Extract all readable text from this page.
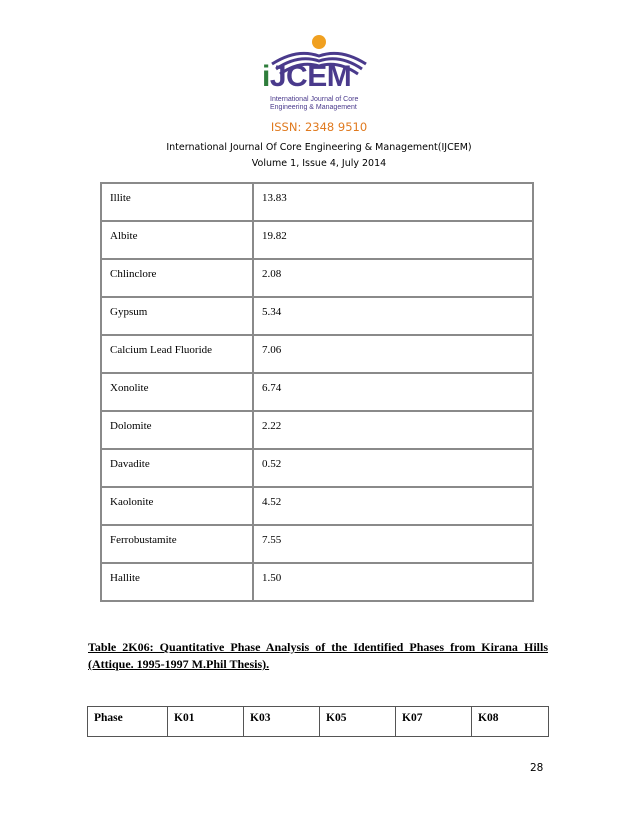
iJCEM
International Journal of Core Engineering & Management
ISSN: 2348 9510
International Journal Of Core Engineering & Management(IJCEM)
Volume 1, Issue 4, July 2014
Illite	13.83
Albite	19.82
Chlinclore	2.08
Gypsum	5.34
Calcium Lead Fluoride	7.06
Xonolite	6.74
Dolomite	2.22
Davadite	0.52
Kaolonite	4.52
Ferrobustamite	7.55
Hallite	1.50
Table 2K06: Quantitative Phase Analysis of the Identified Phases from Kirana Hills (Attique. 1995-1997 M.Phil Thesis).
Phase	K01	K03	K05	K07	K08
28
